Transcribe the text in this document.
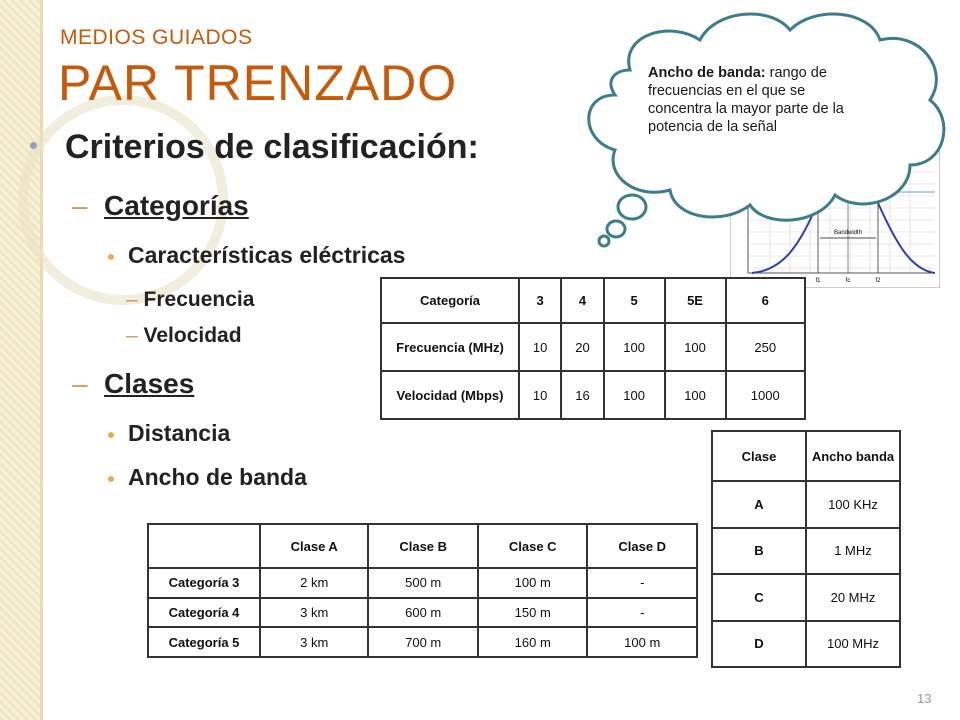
MEDIOS GUIADOS
PAR TRENZADO
Criterios de clasificación:
– Categorías
Características eléctricas
– Frecuencia
– Velocidad
– Clases
Distancia
Ancho de banda
Bandwidth
f1	fc	f2
Ancho de banda: rango de frecuencias en el que se concentra la mayor parte de la potencia de la señal
Categoría	3	4	5	5E	6
Frecuencia (MHz)	10	20	100	100	250
Velocidad (Mbps)	10	16	100	100	1000
Clase	Ancho banda
A	100 KHz
B	1 MHz
C	20 MHz
D	100 MHz
	Clase A	Clase B	Clase C	Clase D
Categoría 3	2 km	500 m	100 m	-
Categoría 4	3 km	600 m	150 m	-
Categoría 5	3 km	700 m	160 m	100 m
13
